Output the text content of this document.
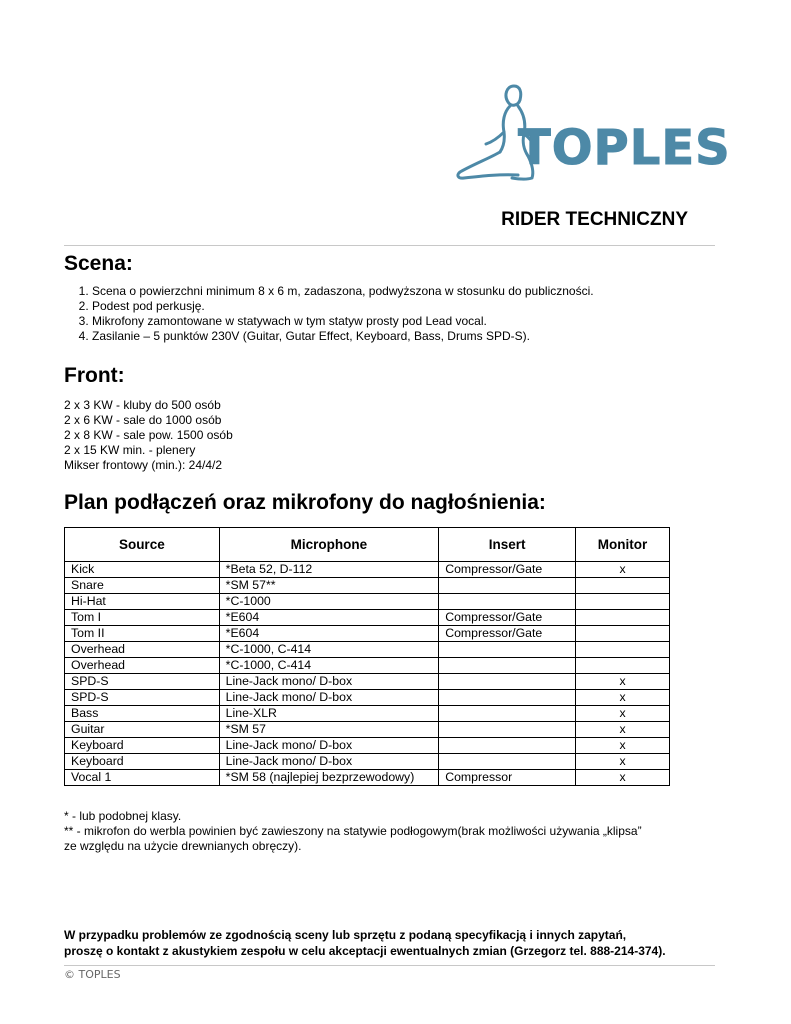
TOPLES
RIDER TECHNICZNY
Scena:
1. Scena o powierzchni minimum 8 x 6 m, zadaszona, podwyższona w stosunku do publiczności.
2. Podest pod perkusję.
3. Mikrofony zamontowane w statywach w tym statyw prosty pod Lead vocal.
4. Zasilanie – 5 punktów 230V (Guitar, Gutar Effect, Keyboard, Bass, Drums SPD-S).
Front:
2 x 3 KW - kluby do 500 osób
2 x 6 KW - sale do 1000 osób
2 x 8 KW - sale pow. 1500 osób
2 x 15 KW min. - plenery
Mikser frontowy (min.): 24/4/2
Plan podłączeń oraz mikrofony do nagłośnienia:
Source	Microphone	Insert	Monitor
Kick	*Beta 52, D-112	Compressor/Gate	x
Snare	*SM 57**		
Hi-Hat	*C-1000		
Tom I	*E604	Compressor/Gate	
Tom II	*E604	Compressor/Gate	
Overhead	*C-1000, C-414		
Overhead	*C-1000, C-414		
SPD-S	Line-Jack mono/ D-box		x
SPD-S	Line-Jack mono/ D-box		x
Bass	Line-XLR		x
Guitar	*SM 57		x
Keyboard	Line-Jack mono/ D-box		x
Keyboard	Line-Jack mono/ D-box		x
Vocal 1	*SM 58 (najlepiej bezprzewodowy)	Compressor	x
* - lub podobnej klasy.
** - mikrofon do werbla powinien być zawieszony na statywie podłogowym(brak możliwości używania „klipsa”
ze względu na użycie drewnianych obręczy).
W przypadku problemów ze zgodnością sceny lub sprzętu z podaną specyfikacją i innych zapytań,
proszę o kontakt z akustykiem zespołu w celu akceptacji ewentualnych zmian (Grzegorz tel. 888-214-374).
© TOPLES
